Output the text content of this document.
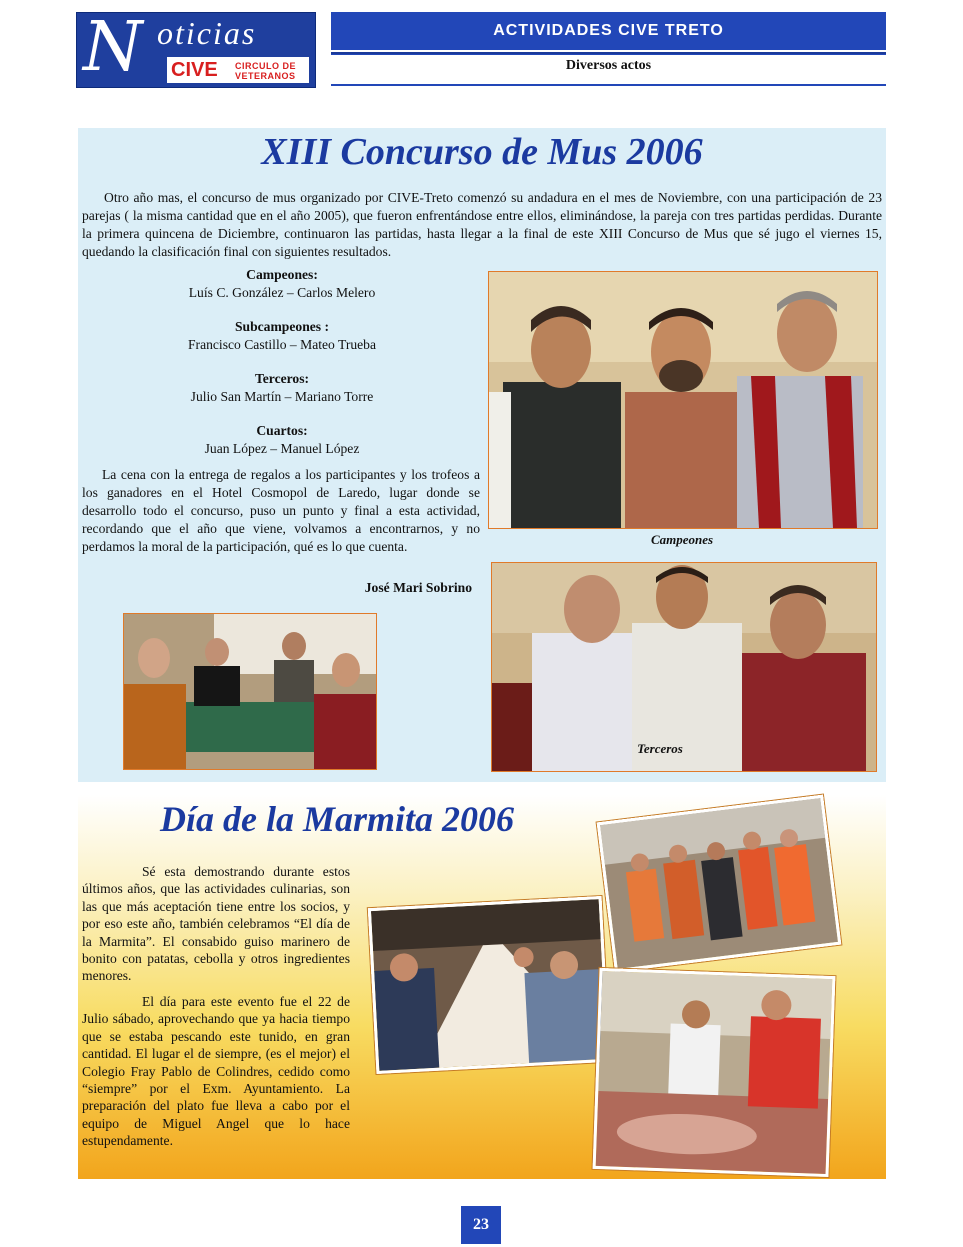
N oticias
CIVE CIRCULO DE
VETERANOS
ACTIVIDADES CIVE TRETO
Diversos actos
XIII Concurso de Mus 2006
Otro año mas, el concurso de mus organizado por CIVE-Treto comenzó su andadura en el mes de Noviembre, con una participación de 23 parejas ( la misma cantidad que en el año 2005), que fueron enfrentándose entre ellos, eliminándose, la pareja con tres partidas perdidas. Durante la primera quincena de Diciembre, continuaron las partidas, hasta llegar a la final de este XIII Concurso de Mus que sé jugo el viernes 15, quedando la clasificación final con siguientes resultados.
Campeones:
Luís C. González – Carlos Melero
Subcampeones :
Francisco Castillo – Mateo Trueba
Terceros:
Julio San Martín – Mariano Torre
Cuartos:
Juan López – Manuel López
La cena con la entrega de regalos a los participantes y los trofeos a los ganadores en el Hotel Cosmopol de Laredo, lugar donde se desarrollo todo el concurso, puso un punto y final a esta actividad, recordando que el año que viene, volvamos a encontrarnos, y no perdamos la moral de la participación, qué es lo que cuenta.
José Mari Sobrino
Campeones
Terceros
Día de la Marmita 2006
Sé esta demostrando durante estos últimos años, que las actividades culinarias, son las que más aceptación tiene entre los socios, y por eso este año, también celebramos “El día de la Marmita”. El consabido guiso marinero de bonito con patatas, cebolla y otros ingredientes menores.
El día para este evento fue el 22 de Julio sábado, aprovechando que ya hacia tiempo que se estaba pescando este tunido, en gran cantidad. El lugar el de siempre, (es el mejor) el Colegio Fray Pablo de Colindres, cedido como “siempre” por el Exm. Ayuntamiento. La preparación del plato fue lleva a cabo por el equipo de Miguel Angel que lo hace estupendamente.
23
